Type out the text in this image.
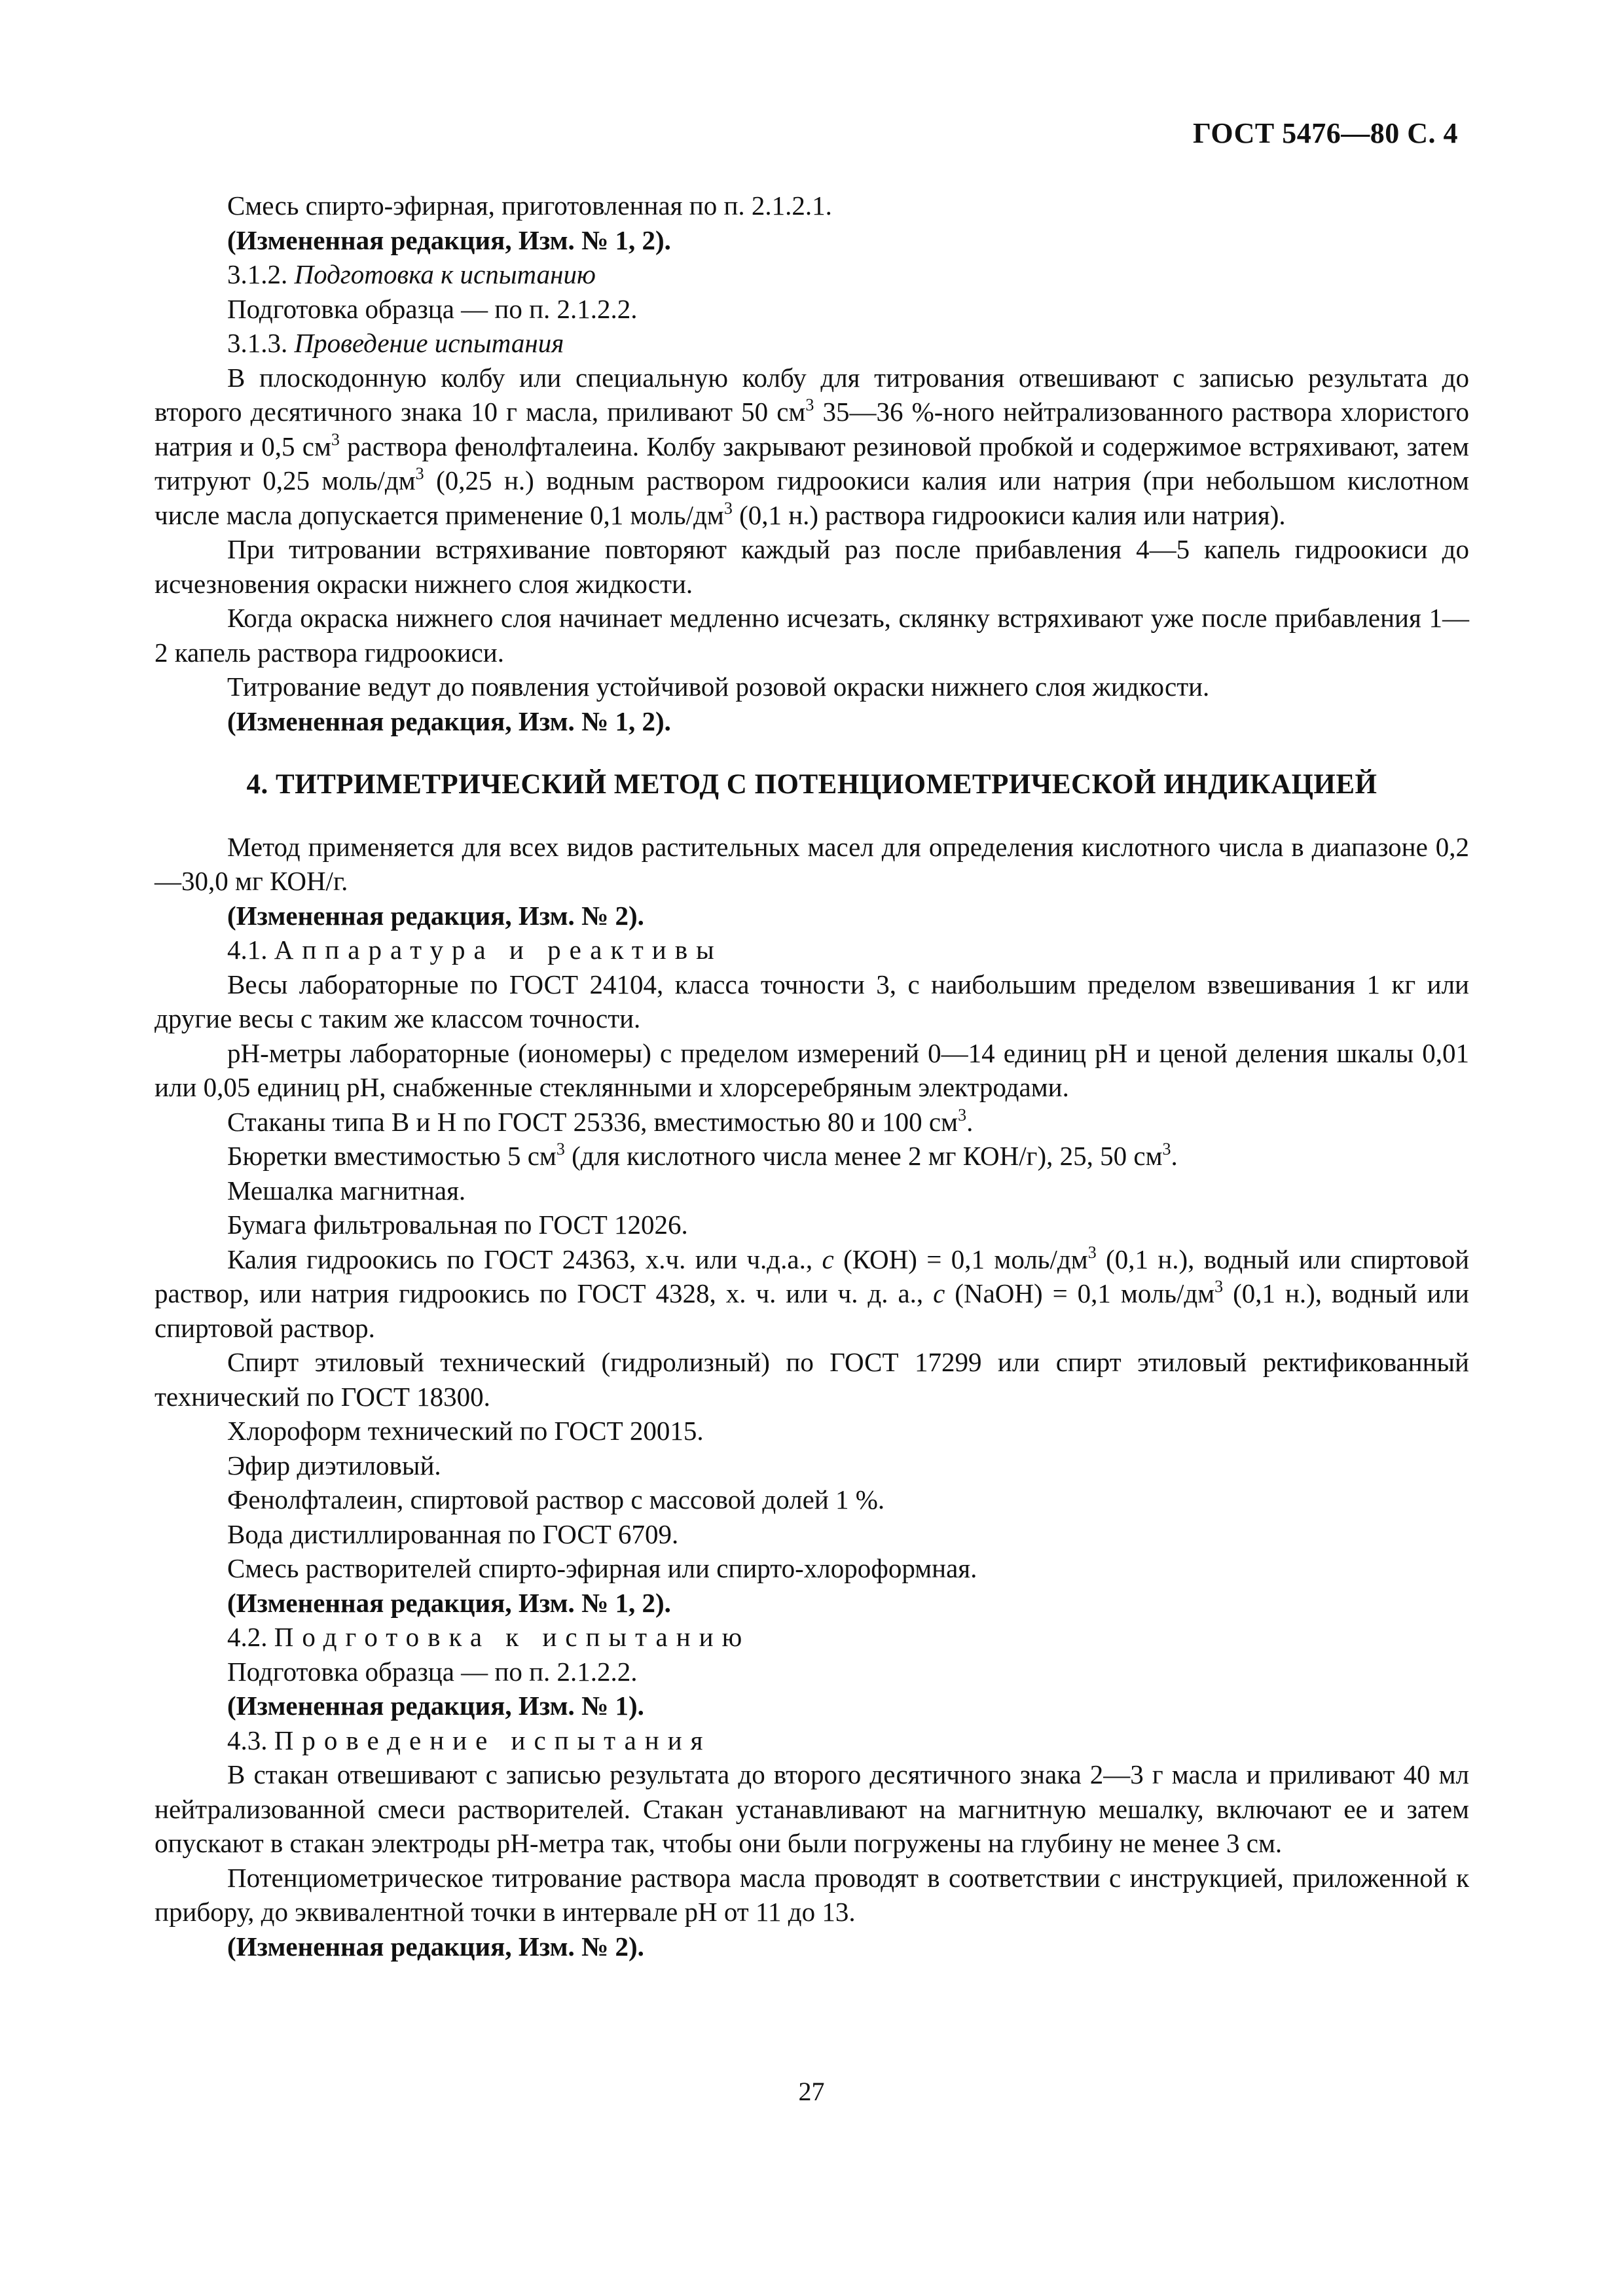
ГОСТ 5476—80 С. 4

Смесь спирто-эфирная, приготовленная по п. 2.1.2.1.

(Измененная редакция, Изм. № 1, 2).

3.1.2. Подготовка к испытанию

Подготовка образца — по п. 2.1.2.2.

3.1.3. Проведение испытания

В плоскодонную колбу или специальную колбу для титрования отвешивают с записью результата до второго десятичного знака 10 г масла, приливают 50 $см^3$ 35—36 %-ного нейтрализованного раствора хлористого натрия и 0,5 $см^3$ раствора фенолфталеина. Колбу закрывают резиновой пробкой и содержимое встряхивают, затем титруют 0,25 моль/$дм^3$ (0,25 н.) водным раствором гидроокиси калия или натрия (при небольшом кислотном числе масла допускается применение 0,1 моль/$дм^3$ (0,1 н.) раствора гидроокиси калия или натрия).

При титровании встряхивание повторяют каждый раз после прибавления 4—5 капель гидроокиси до исчезновения окраски нижнего слоя жидкости.

Когда окраска нижнего слоя начинает медленно исчезать, склянку встряхивают уже после прибавления 1—2 капель раствора гидроокиси.

Титрование ведут до появления устойчивой розовой окраски нижнего слоя жидкости.

(Измененная редакция, Изм. № 1, 2).

4. ТИТРИМЕТРИЧЕСКИЙ МЕТОД С ПОТЕНЦИОМЕТРИЧЕСКОЙ ИНДИКАЦИЕЙ

Метод применяется для всех видов растительных масел для определения кислотного числа в диапазоне 0,2—30,0 мг КОН/г.

(Измененная редакция, Изм. № 2).

4.1. Аппаратура и реактивы

Весы лабораторные по ГОСТ 24104, класса точности 3, с наибольшим пределом взвешивания 1 кг или другие весы с таким же классом точности.

рН-метры лабораторные (иономеры) с пределом измерений 0—14 единиц рН и ценой деления шкалы 0,01 или 0,05 единиц рН, снабженные стеклянными и хлорсеребряным электродами.

Стаканы типа В и Н по ГОСТ 25336, вместимостью 80 и 100 $см^3$.

Бюретки вместимостью 5 $см^3$ (для кислотного числа менее 2 мг КОН/г), 25, 50 $см^3$.

Мешалка магнитная.

Бумага фильтровальная по ГОСТ 12026.

Калия гидроокись по ГОСТ 24363, х.ч. или ч.д.а., c (КОН) = 0,1 моль/$дм^3$ (0,1 н.), водный или спиртовой раствор, или натрия гидроокись по ГОСТ 4328, х. ч. или ч. д. а., c (NaOH) = 0,1 моль/$дм^3$ (0,1 н.), водный или спиртовой раствор.

Спирт этиловый технический (гидролизный) по ГОСТ 17299 или спирт этиловый ректификованный технический по ГОСТ 18300.

Хлороформ технический по ГОСТ 20015.

Эфир диэтиловый.

Фенолфталеин, спиртовой раствор с массовой долей 1 %.

Вода дистиллированная по ГОСТ 6709.

Смесь растворителей спирто-эфирная или спирто-хлороформная.

(Измененная редакция, Изм. № 1, 2).

4.2. Подготовка к испытанию

Подготовка образца — по п. 2.1.2.2.

(Измененная редакция, Изм. № 1).

4.3. Проведение испытания

В стакан отвешивают с записью результата до второго десятичного знака 2—3 г масла и приливают 40 мл нейтрализованной смеси растворителей. Стакан устанавливают на магнитную мешалку, включают ее и затем опускают в стакан электроды рН-метра так, чтобы они были погружены на глубину не менее 3 см.

Потенциометрическое титрование раствора масла проводят в соответствии с инструкцией, приложенной к прибору, до эквивалентной точки в интервале рН от 11 до 13.

(Измененная редакция, Изм. № 2).

27
